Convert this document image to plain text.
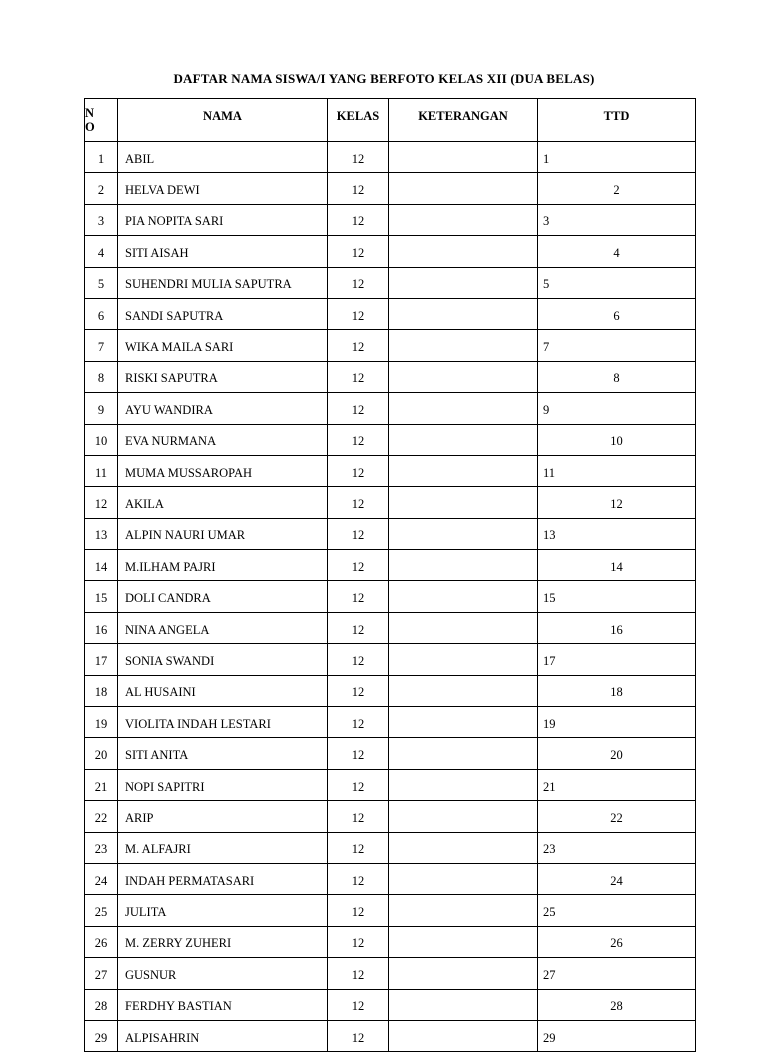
DAFTAR NAMA SISWA/I YANG BERFOTO KELAS XII (DUA BELAS)
N
O	NAMA	KELAS	KETERANGAN	TTD
1	ABIL	12		1
2	HELVA DEWI	12		2
3	PIA NOPITA SARI	12		3
4	SITI AISAH	12		4
5	SUHENDRI MULIA SAPUTRA	12		5
6	SANDI SAPUTRA	12		6
7	WIKA MAILA SARI	12		7
8	RISKI SAPUTRA	12		8
9	AYU WANDIRA	12		9
10	EVA NURMANA	12		10
11	MUMA MUSSAROPAH	12		11
12	AKILA	12		12
13	ALPIN NAURI UMAR	12		13
14	M.ILHAM PAJRI	12		14
15	DOLI CANDRA	12		15
16	NINA ANGELA	12		16
17	SONIA SWANDI	12		17
18	AL HUSAINI	12		18
19	VIOLITA INDAH LESTARI	12		19
20	SITI ANITA	12		20
21	NOPI SAPITRI	12		21
22	ARIP	12		22
23	M. ALFAJRI	12		23
24	INDAH PERMATASARI	12		24
25	JULITA	12		25
26	M. ZERRY ZUHERI	12		26
27	GUSNUR	12		27
28	FERDHY BASTIAN	12		28
29	ALPISAHRIN	12		29
